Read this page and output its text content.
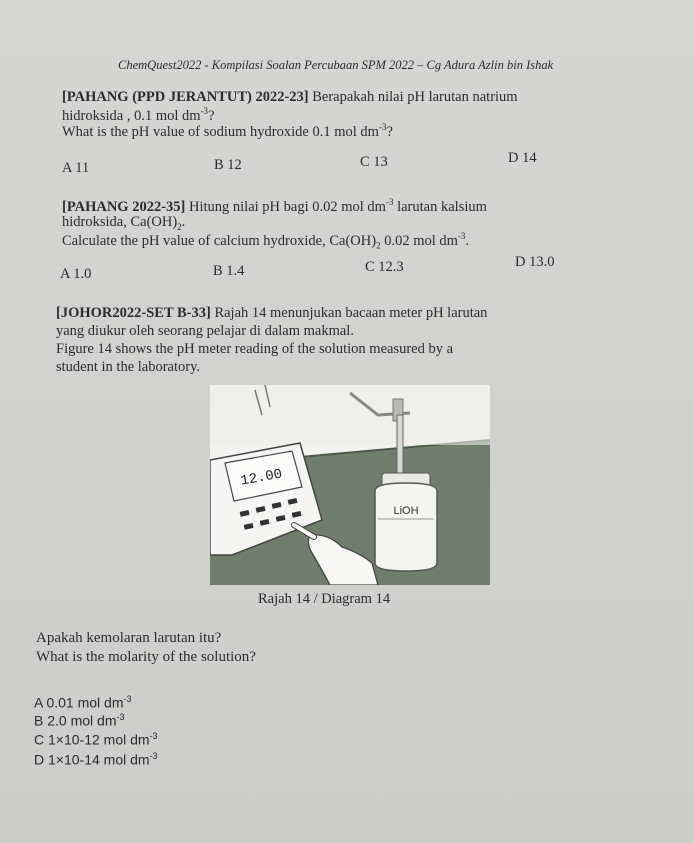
ChemQuest2022 - Kompilasi Soalan Percubaan SPM 2022 – Cg Adura Azlin bin Ishak
[PAHANG (PPD JERANTUT) 2022-23] Berapakah nilai pH larutan natrium
hidroksida , 0.1 mol $dm^{-3}$?
What is the pH value of sodium hydroxide 0.1 mol $dm^{-3}$?
A 11	B 12	C 13	D 14
[PAHANG 2022-35] Hitung nilai pH bagi 0.02 mol $dm^{-3}$ larutan kalsium
hidroksida, $Ca(OH)_2$.
Calculate the pH value of calcium hydroxide, $Ca(OH)_2$ 0.02 mol $dm^{-3}$.
A 1.0	B 1.4	C 12.3	D 13.0
[JOHOR2022-SET B-33] Rajah 14 menunjukan bacaan meter pH larutan
yang diukur oleh seorang pelajar di dalam makmal.
Figure 14 shows the pH meter reading of the solution measured by a
student in the laboratory.
LiOH
12.00
Rajah 14 / Diagram 14
Apakah kemolaran larutan itu?
What is the molarity of the solution?
A 0.01 mol $dm^{-3}$
B 2.0 mol $dm^{-3}$
C 1×10-12 mol $dm^{-3}$
D 1×10-14 mol $dm^{-3}$
